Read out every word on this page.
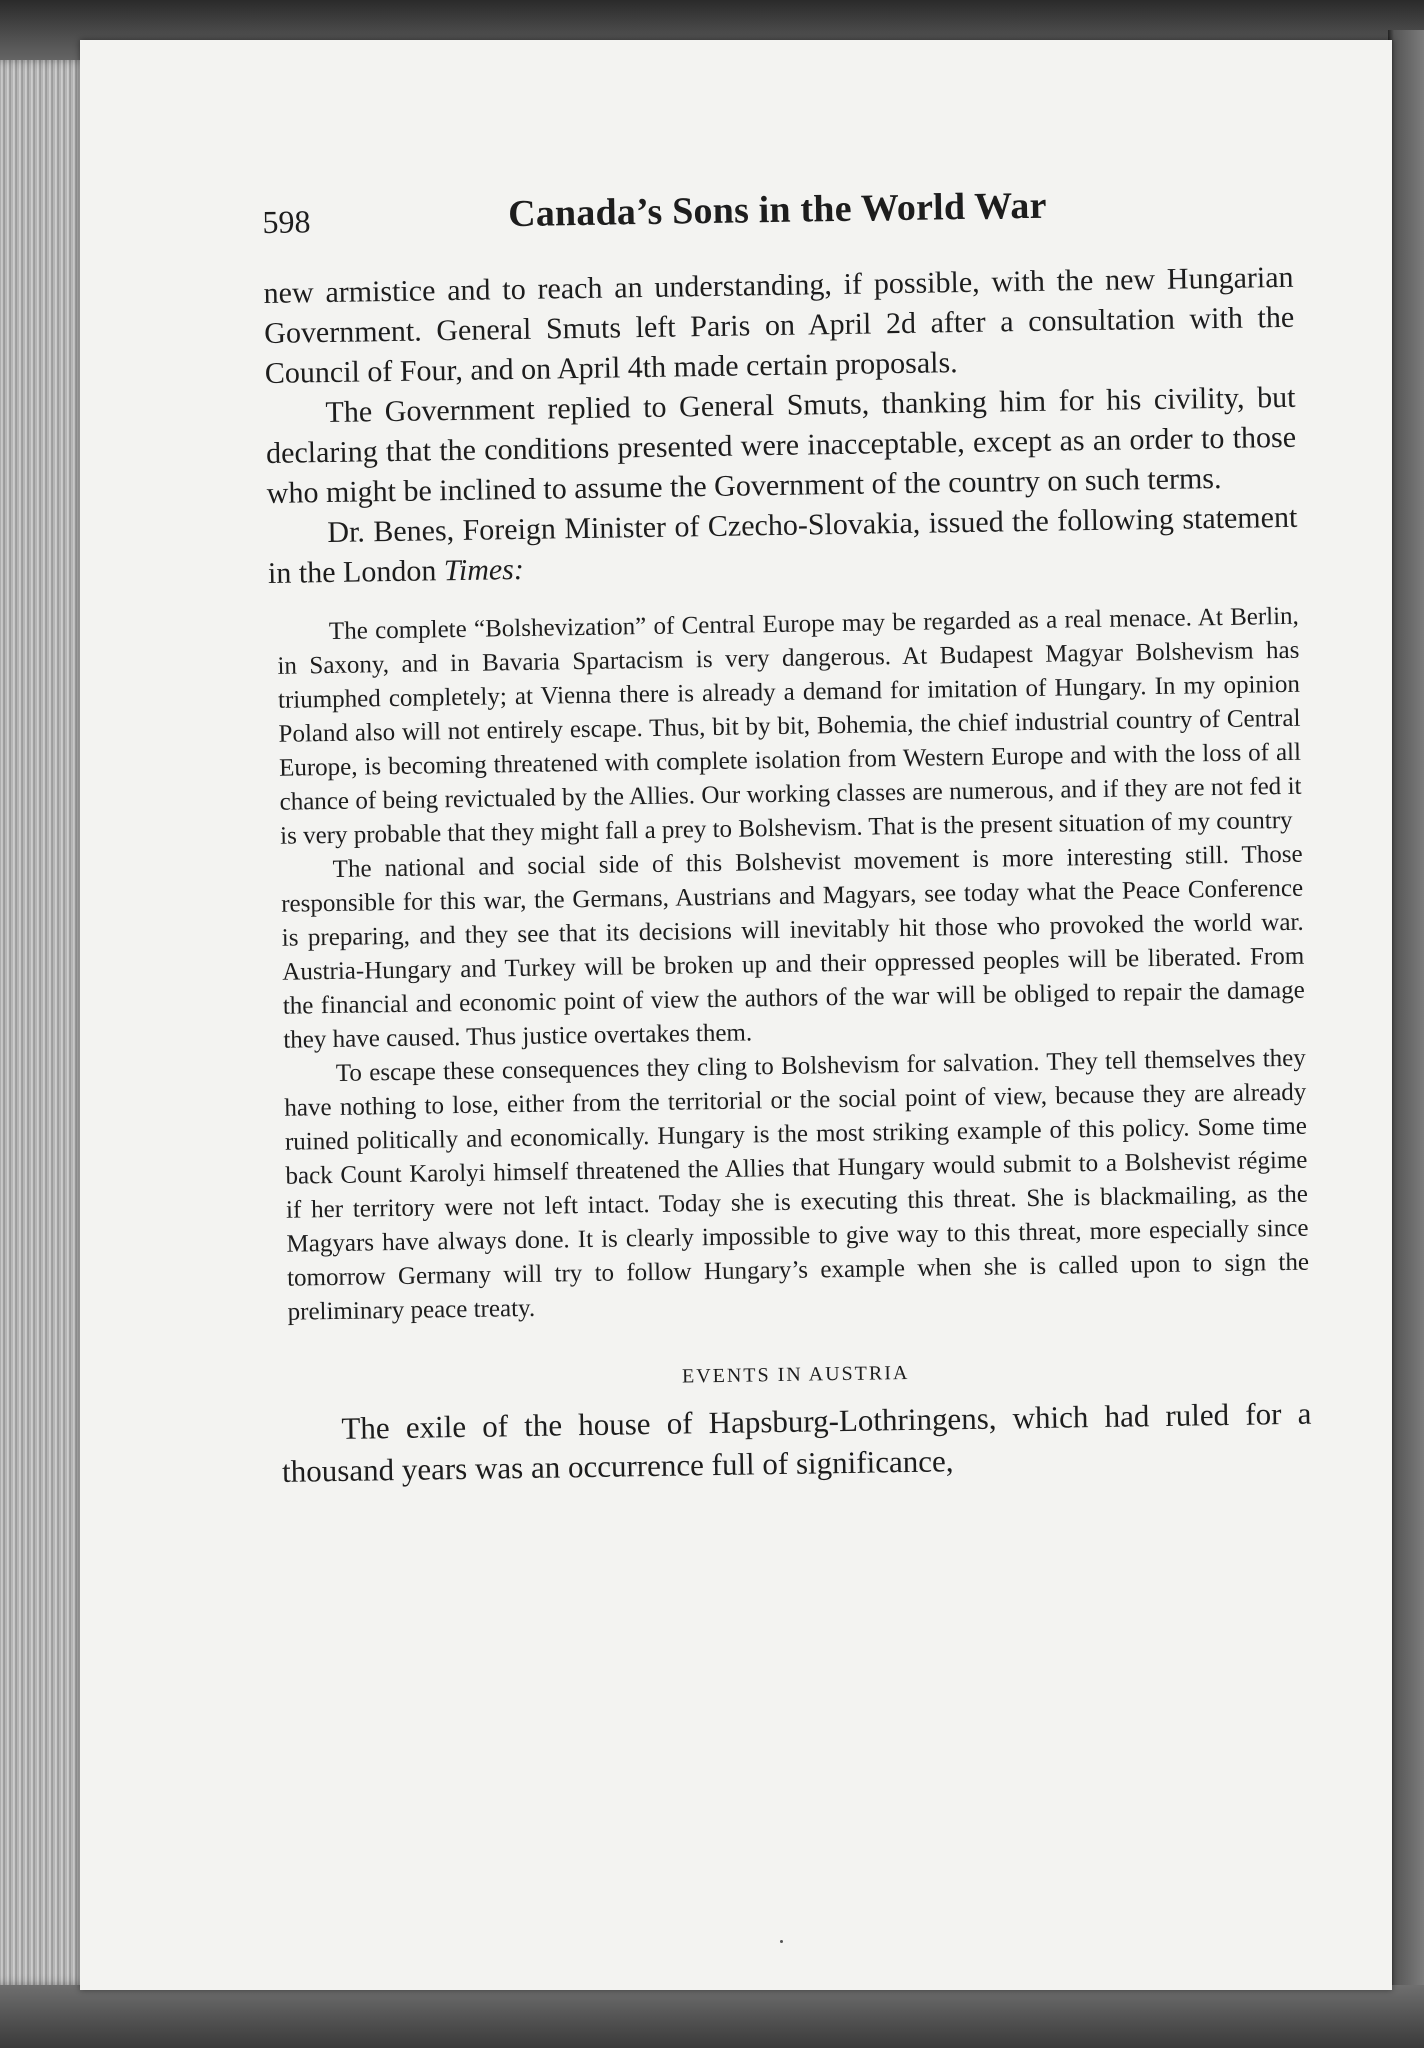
598	Canada’s Sons in the World War

new armistice and to reach an understanding, if possible, with the new Hungarian Government. General Smuts left Paris on April 2d after a consultation with the Council of Four, and on April 4th made certain proposals.

The Government replied to General Smuts, thanking him for his civility, but declaring that the conditions presented were inacceptable, except as an order to those who might be inclined to assume the Government of the country on such terms.

Dr. Benes, Foreign Minister of Czecho-Slovakia, issued the following statement in the London Times:

The complete “Bolshevization” of Central Europe may be regarded as a real menace. At Berlin, in Saxony, and in Bavaria Spartacism is very dangerous. At Budapest Magyar Bolshevism has triumphed completely; at Vienna there is already a demand for imitation of Hungary. In my opinion Poland also will not entirely escape. Thus, bit by bit, Bohemia, the chief industrial country of Central Europe, is becoming threatened with complete isolation from Western Europe and with the loss of all chance of being revictualed by the Allies. Our working classes are numerous, and if they are not fed it is very probable that they might fall a prey to Bolshevism. That is the present situation of my country

The national and social side of this Bolshevist movement is more interesting still. Those responsible for this war, the Germans, Austrians and Magyars, see today what the Peace Conference is preparing, and they see that its decisions will inevitably hit those who provoked the world war. Austria-Hungary and Turkey will be broken up and their oppressed peoples will be liberated. From the financial and economic point of view the authors of the war will be obliged to repair the damage they have caused. Thus justice overtakes them.

To escape these consequences they cling to Bolshevism for salvation. They tell themselves they have nothing to lose, either from the territorial or the social point of view, because they are already ruined politically and economically. Hungary is the most striking example of this policy. Some time back Count Karolyi himself threatened the Allies that Hungary would submit to a Bolshevist régime if her territory were not left intact. Today she is executing this threat. She is blackmailing, as the Magyars have always done. It is clearly impossible to give way to this threat, more especially since tomorrow Germany will try to follow Hungary’s example when she is called upon to sign the preliminary peace treaty.

EVENTS IN AUSTRIA

The exile of the house of Hapsburg-Lothringens, which had ruled for a thousand years was an occurrence full of significance,
